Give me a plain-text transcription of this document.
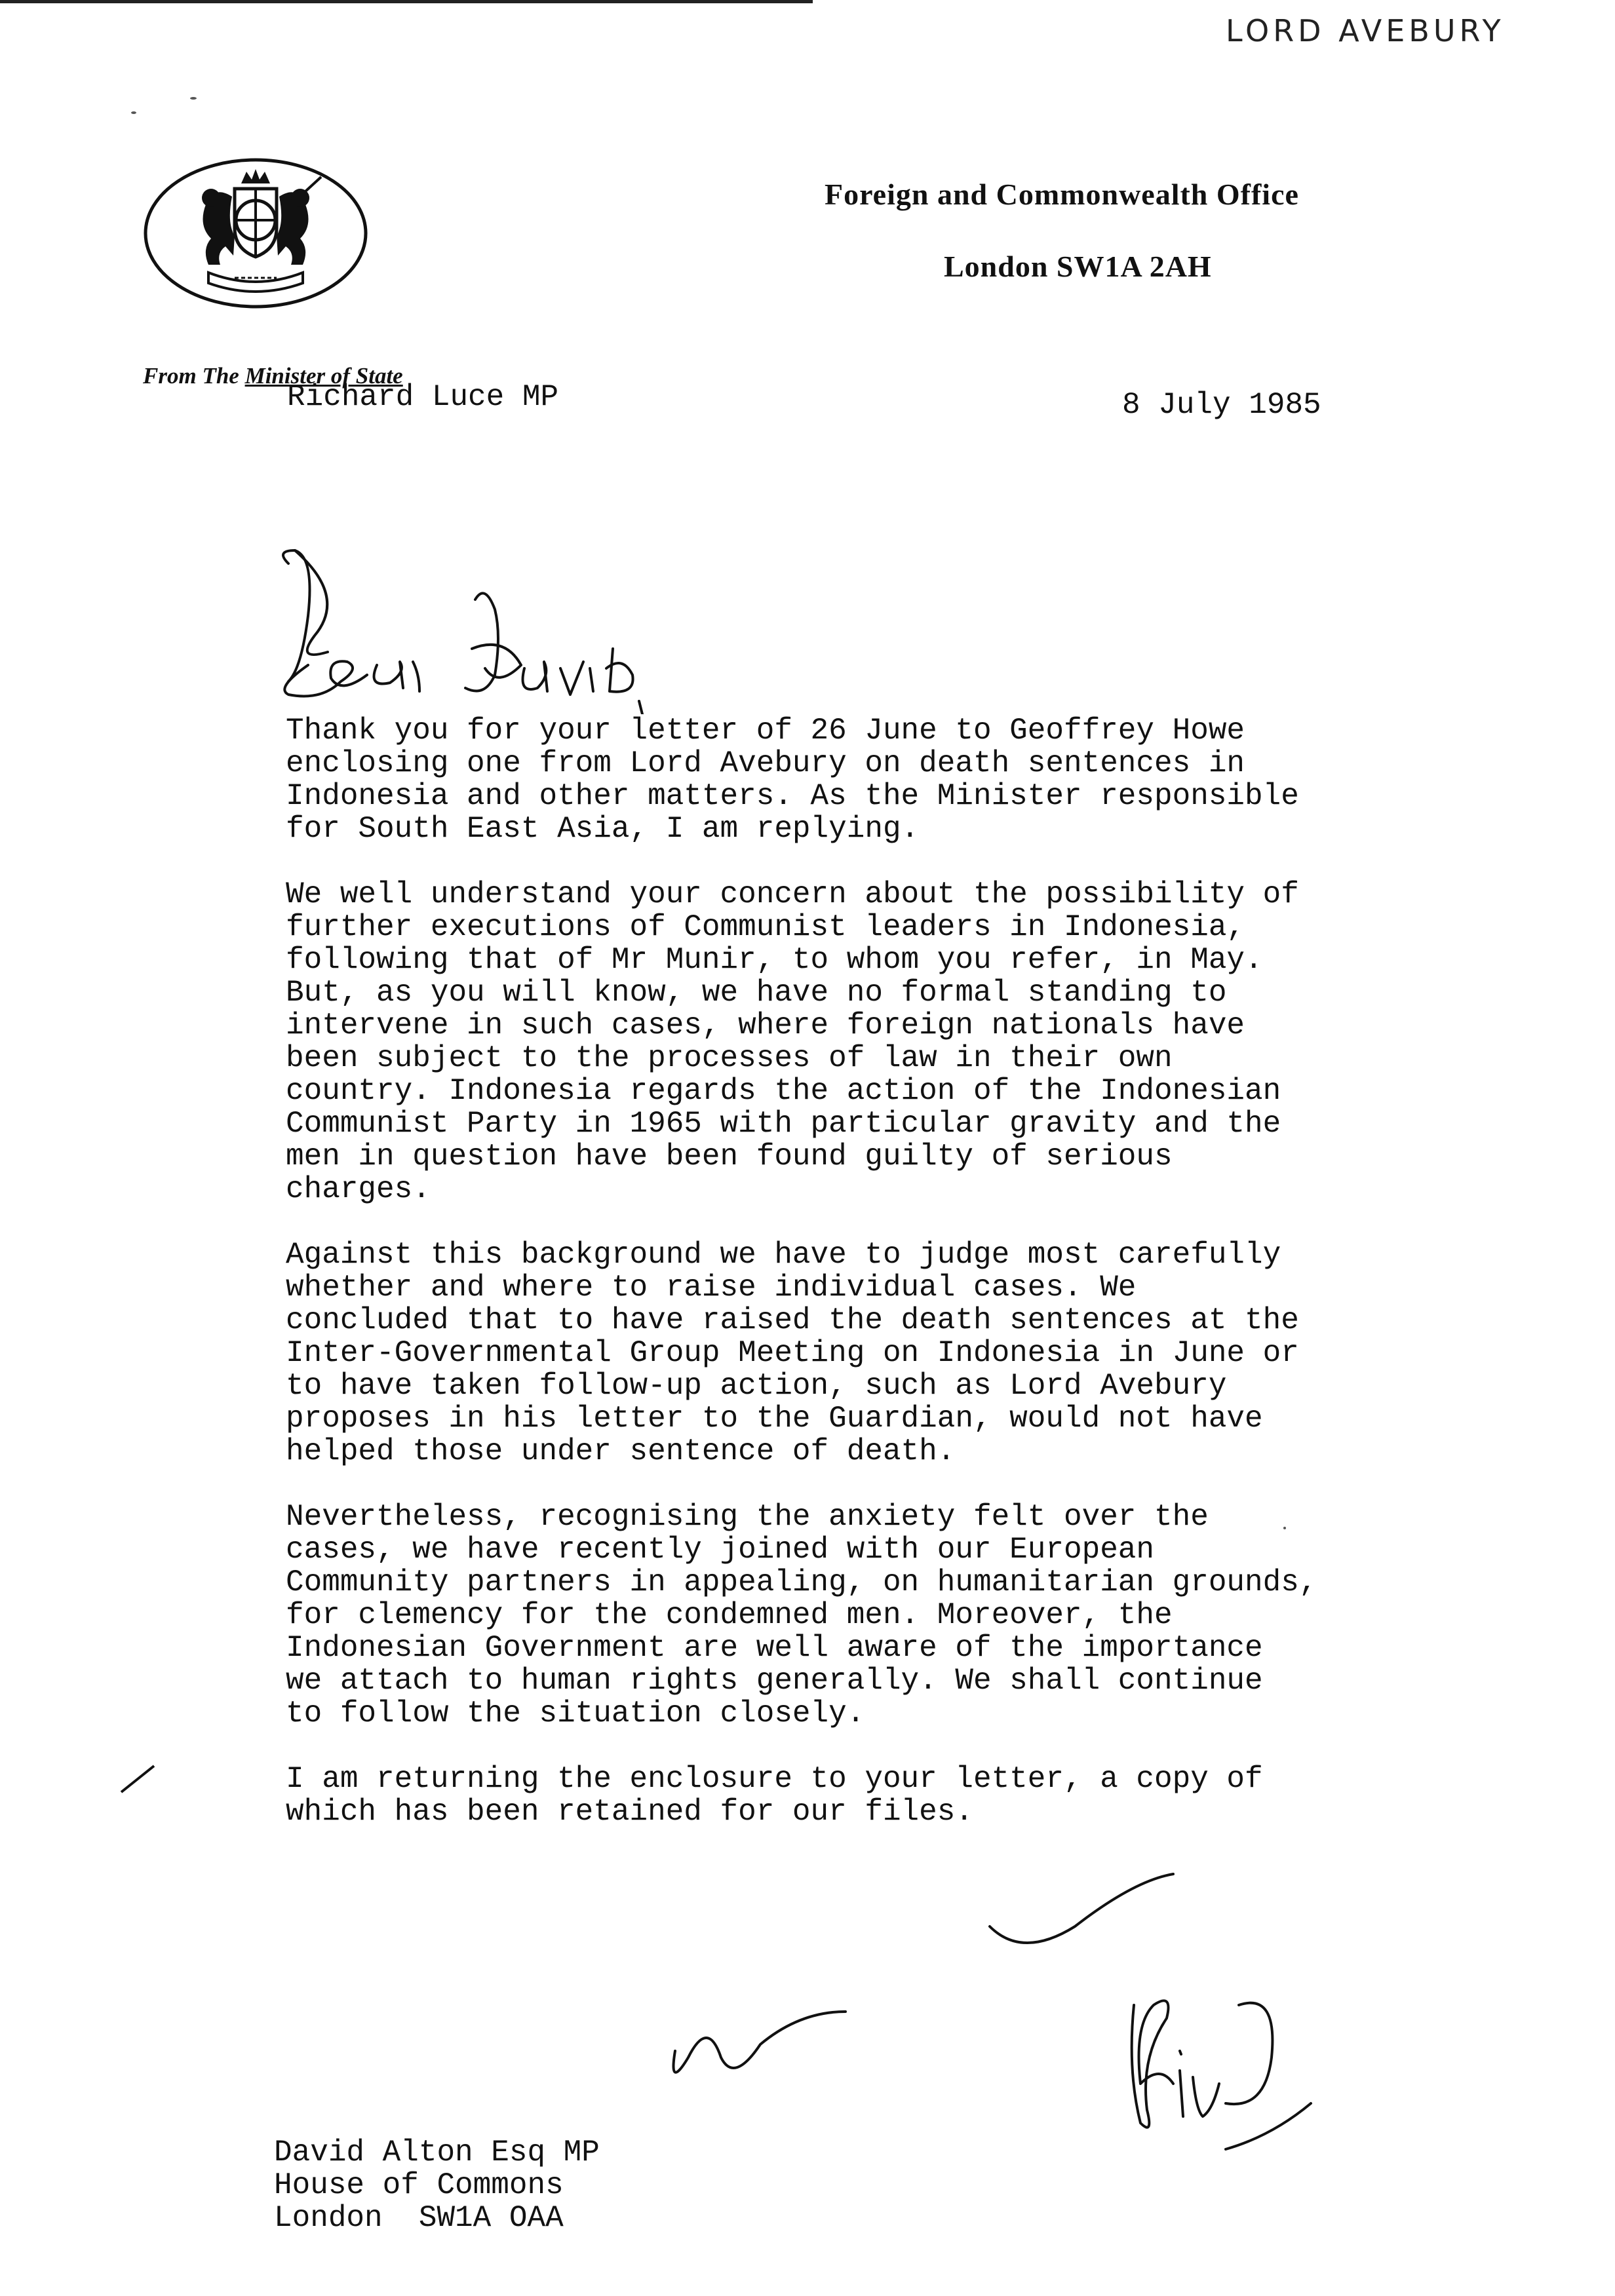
LORD AVEBURY
Foreign and Commonwealth Office
London SW1A 2AH
From The Minister of State
Richard Luce MP	8 July 1985

Thank you for your letter of 26 June to Geoffrey Howe
enclosing one from Lord Avebury on death sentences in
Indonesia and other matters. As the Minister responsible
for South East Asia, I am replying.

We well understand your concern about the possibility of
further executions of Communist leaders in Indonesia,
following that of Mr Munir, to whom you refer, in May.
But, as you will know, we have no formal standing to
intervene in such cases, where foreign nationals have
been subject to the processes of law in their own
country. Indonesia regards the action of the Indonesian
Communist Party in 1965 with particular gravity and the
men in question have been found guilty of serious
charges.

Against this background we have to judge most carefully
whether and where to raise individual cases. We
concluded that to have raised the death sentences at the
Inter-Governmental Group Meeting on Indonesia in June or
to have taken follow-up action, such as Lord Avebury
proposes in his letter to the Guardian, would not have
helped those under sentence of death.

Nevertheless, recognising the anxiety felt over the
cases, we have recently joined with our European
Community partners in appealing, on humanitarian grounds,
for clemency for the condemned men. Moreover, the
Indonesian Government are well aware of the importance
we attach to human rights generally. We shall continue
to follow the situation closely.

I am returning the enclosure to your letter, a copy of
which has been retained for our files.

David Alton Esq MP
House of Commons
London  SW1A OAA
